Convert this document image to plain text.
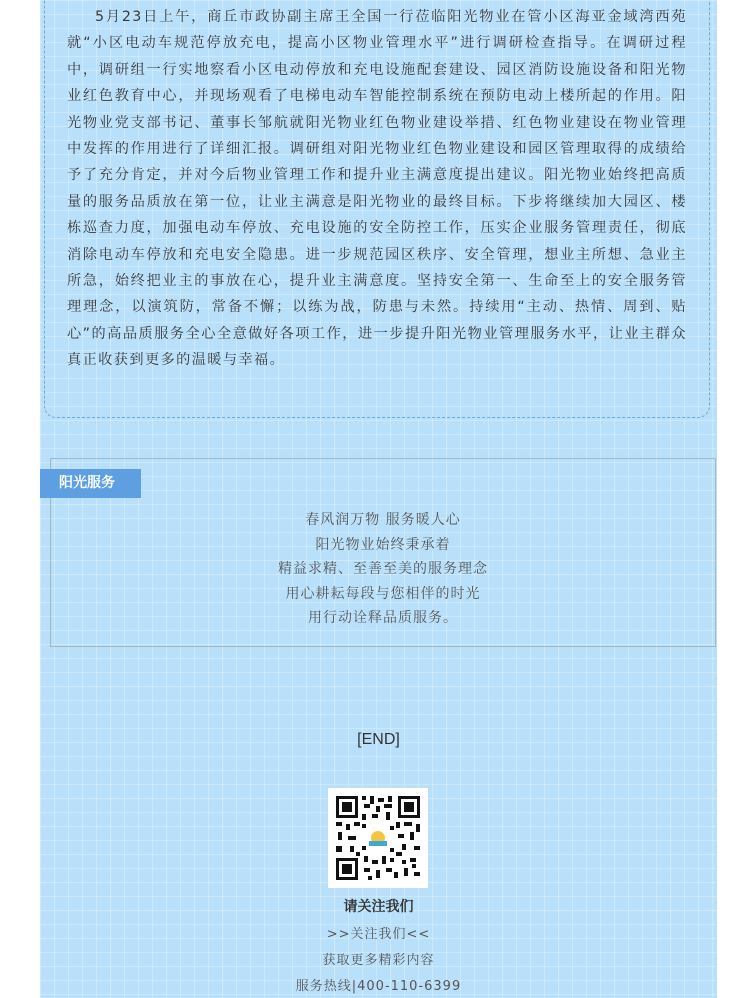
5月23日上午，商丘市政协副主席王全国一行莅临阳光物业在管小区海亚金域湾西苑就“小区电动车规范停放充电，提高小区物业管理水平”进行调研检查指导。在调研过程中，调研组一行实地察看小区电动停放和充电设施配套建设、园区消防设施设备和阳光物业红色教育中心，并现场观看了电梯电动车智能控制系统在预防电动上楼所起的作用。阳光物业党支部书记、董事长邹航就阳光物业红色物业建设举措、红色物业建设在物业管理中发挥的作用进行了详细汇报。调研组对阳光物业红色物业建设和园区管理取得的成绩给予了充分肯定，并对今后物业管理工作和提升业主满意度提出建议。阳光物业始终把高质量的服务品质放在第一位，让业主满意是阳光物业的最终目标。下步将继续加大园区、楼栋巡查力度，加强电动车停放、充电设施的安全防控工作，压实企业服务管理责任，彻底消除电动车停放和充电安全隐患。进一步规范园区秩序、安全管理，想业主所想、急业主所急，始终把业主的事放在心，提升业主满意度。坚持安全第一、生命至上的安全服务管理理念，以演筑防，常备不懈；以练为战，防患与未然。持续用“主动、热情、周到、贴心”的高品质服务全心全意做好各项工作，进一步提升阳光物业管理服务水平，让业主群众真正收获到更多的温暖与幸福。

阳光服务
春风润万物 服务暖人心
阳光物业始终秉承着
精益求精、至善至美的服务理念
用心耕耘每段与您相伴的时光
用行动诠释品质服务。
[END]
请关注我们
>>关注我们<<
获取更多精彩内容
服务热线|400-110-6399
